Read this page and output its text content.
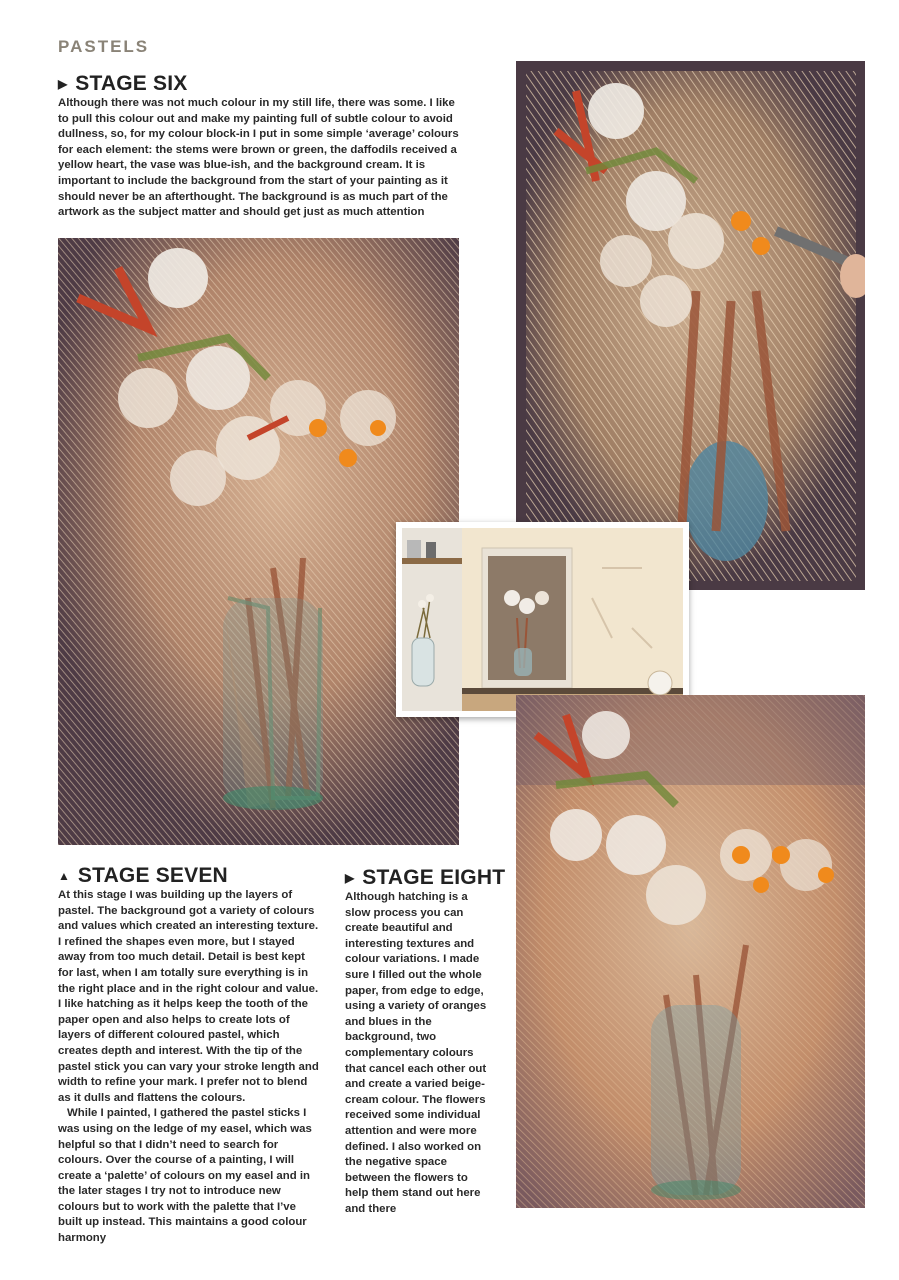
PASTELS
▶ STAGE SIX

Although there was not much colour in my still life, there was some. I like to pull this colour out and make my painting full of subtle colour to avoid dullness, so, for my colour block-in I put in some simple ‘average’ colours for each element: the stems were brown or green, the daffodils received a yellow heart, the vase was blue-ish, and the background cream. It is important to include the background from the start of your painting as it should never be an afterthought. The background is as much part of the artwork as the subject matter and should get just as much attention

▲ STAGE SEVEN

At this stage I was building up the layers of pastel. The background got a variety of colours and values which created an interesting texture. I refined the shapes even more, but I stayed away from too much detail. Detail is best kept for last, when I am totally sure everything is in the right place and in the right colour and value. I like hatching as it helps keep the tooth of the paper open and also helps to create lots of layers of different coloured pastel, which creates depth and interest. With the tip of the pastel stick you can vary your stroke length and width to refine your mark. I prefer not to blend as it dulls and flattens the colours.

While I painted, I gathered the pastel sticks I was using on the ledge of my easel, which was helpful so that I didn’t need to search for colours. Over the course of a painting, I will create a ‘palette’ of colours on my easel and in the later stages I try not to introduce new colours but to work with the palette that I’ve built up instead. This maintains a good colour harmony

▶ STAGE EIGHT

Although hatching is a slow process you can create beautiful and interesting textures and colour variations. I made sure I filled out the whole paper, from edge to edge, using a variety of oranges and blues in the background, two complementary colours that cancel each other out and create a varied beige-cream colour. The flowers received some individual attention and were more defined. I also worked on the negative space between the flowers to help them stand out here and there
